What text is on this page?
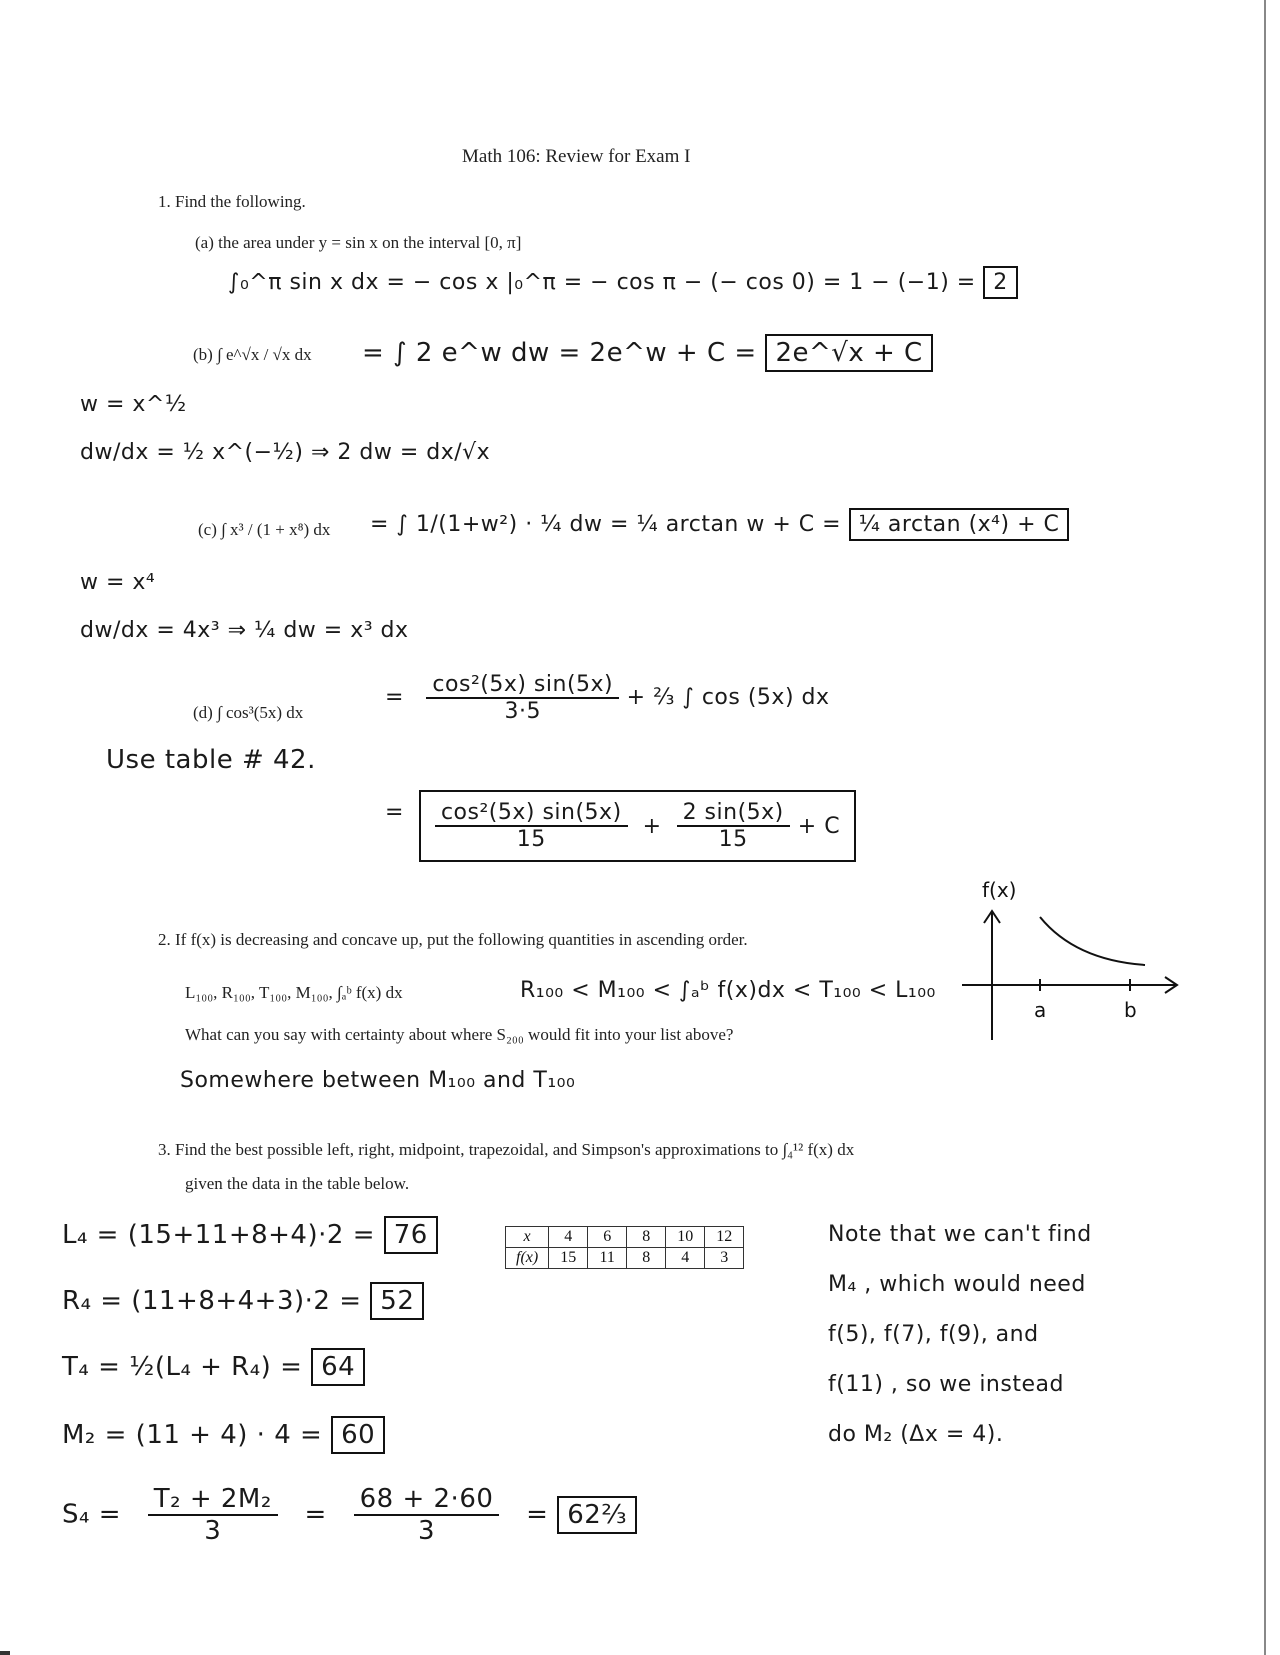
Math 106: Review for Exam I
1. Find the following.
(a) the area under y = sin x on the interval [0, π]
∫₀^π sin x dx = − cos x |₀^π = − cos π − (− cos 0) = 1 − (−1) = 2
(b) ∫ e^√x / √x dx = ∫ 2 e^w dw = 2e^w + C = 2e^√x + C
w = x^½
dw/dx = ½ x^(−½) ⇒ 2 dw = dx/√x
(c) ∫ x³ / (1 + x⁸) dx = ∫ 1/(1+w²) · ¼ dw = ¼ arctan w + C = ¼ arctan (x⁴) + C
w = x⁴
dw/dx = 4x³ ⇒ ¼ dw = x³ dx
(d) ∫ cos³(5x) dx
= $\frac{\text{cos²(5x) sin(5x)}}{3\cdot 5}$ + ⅔ ∫ cos (5x) dx
Use table # 42.
= $\frac{\text{cos²(5x) sin(5x)}}{15} + \frac{2 \sin(5x)}{15} + C$
2. If f(x) is decreasing and concave up, put the following quantities in ascending order.
L₁₀₀, R₁₀₀, T₁₀₀, M₁₀₀, ∫ₐᵇ f(x) dx	R₁₀₀ < M₁₀₀ < ∫ₐᵇ f(x)dx < T₁₀₀ < L₁₀₀
What can you say with certainty about where S₂₀₀ would fit into your list above?
Somewhere between M₁₀₀ and T₁₀₀
f(x)
a	b
3. Find the best possible left, right, midpoint, trapezoidal, and Simpson's approximations to ∫₄¹² f(x) dx
given the data in the table below.
x	4	6	8	10	12
f(x)	15	11	8	4	3
L₄ = (15+11+8+4)·2 = 76
R₄ = (11+8+4+3)·2 = 52
T₄ = ½(L₄ + R₄) = 64
M₂ = (11 + 4) · 4 = 60
$S_4 = \frac{\text{T₂ + 2M₂}}{3} = \frac{68 + 2\cdot 60}{3}$ = 62⅔
Note that we can't find
M₄ , which would need
f(5), f(7), f(9), and
f(11) , so we instead
do M₂ (Δx = 4).
